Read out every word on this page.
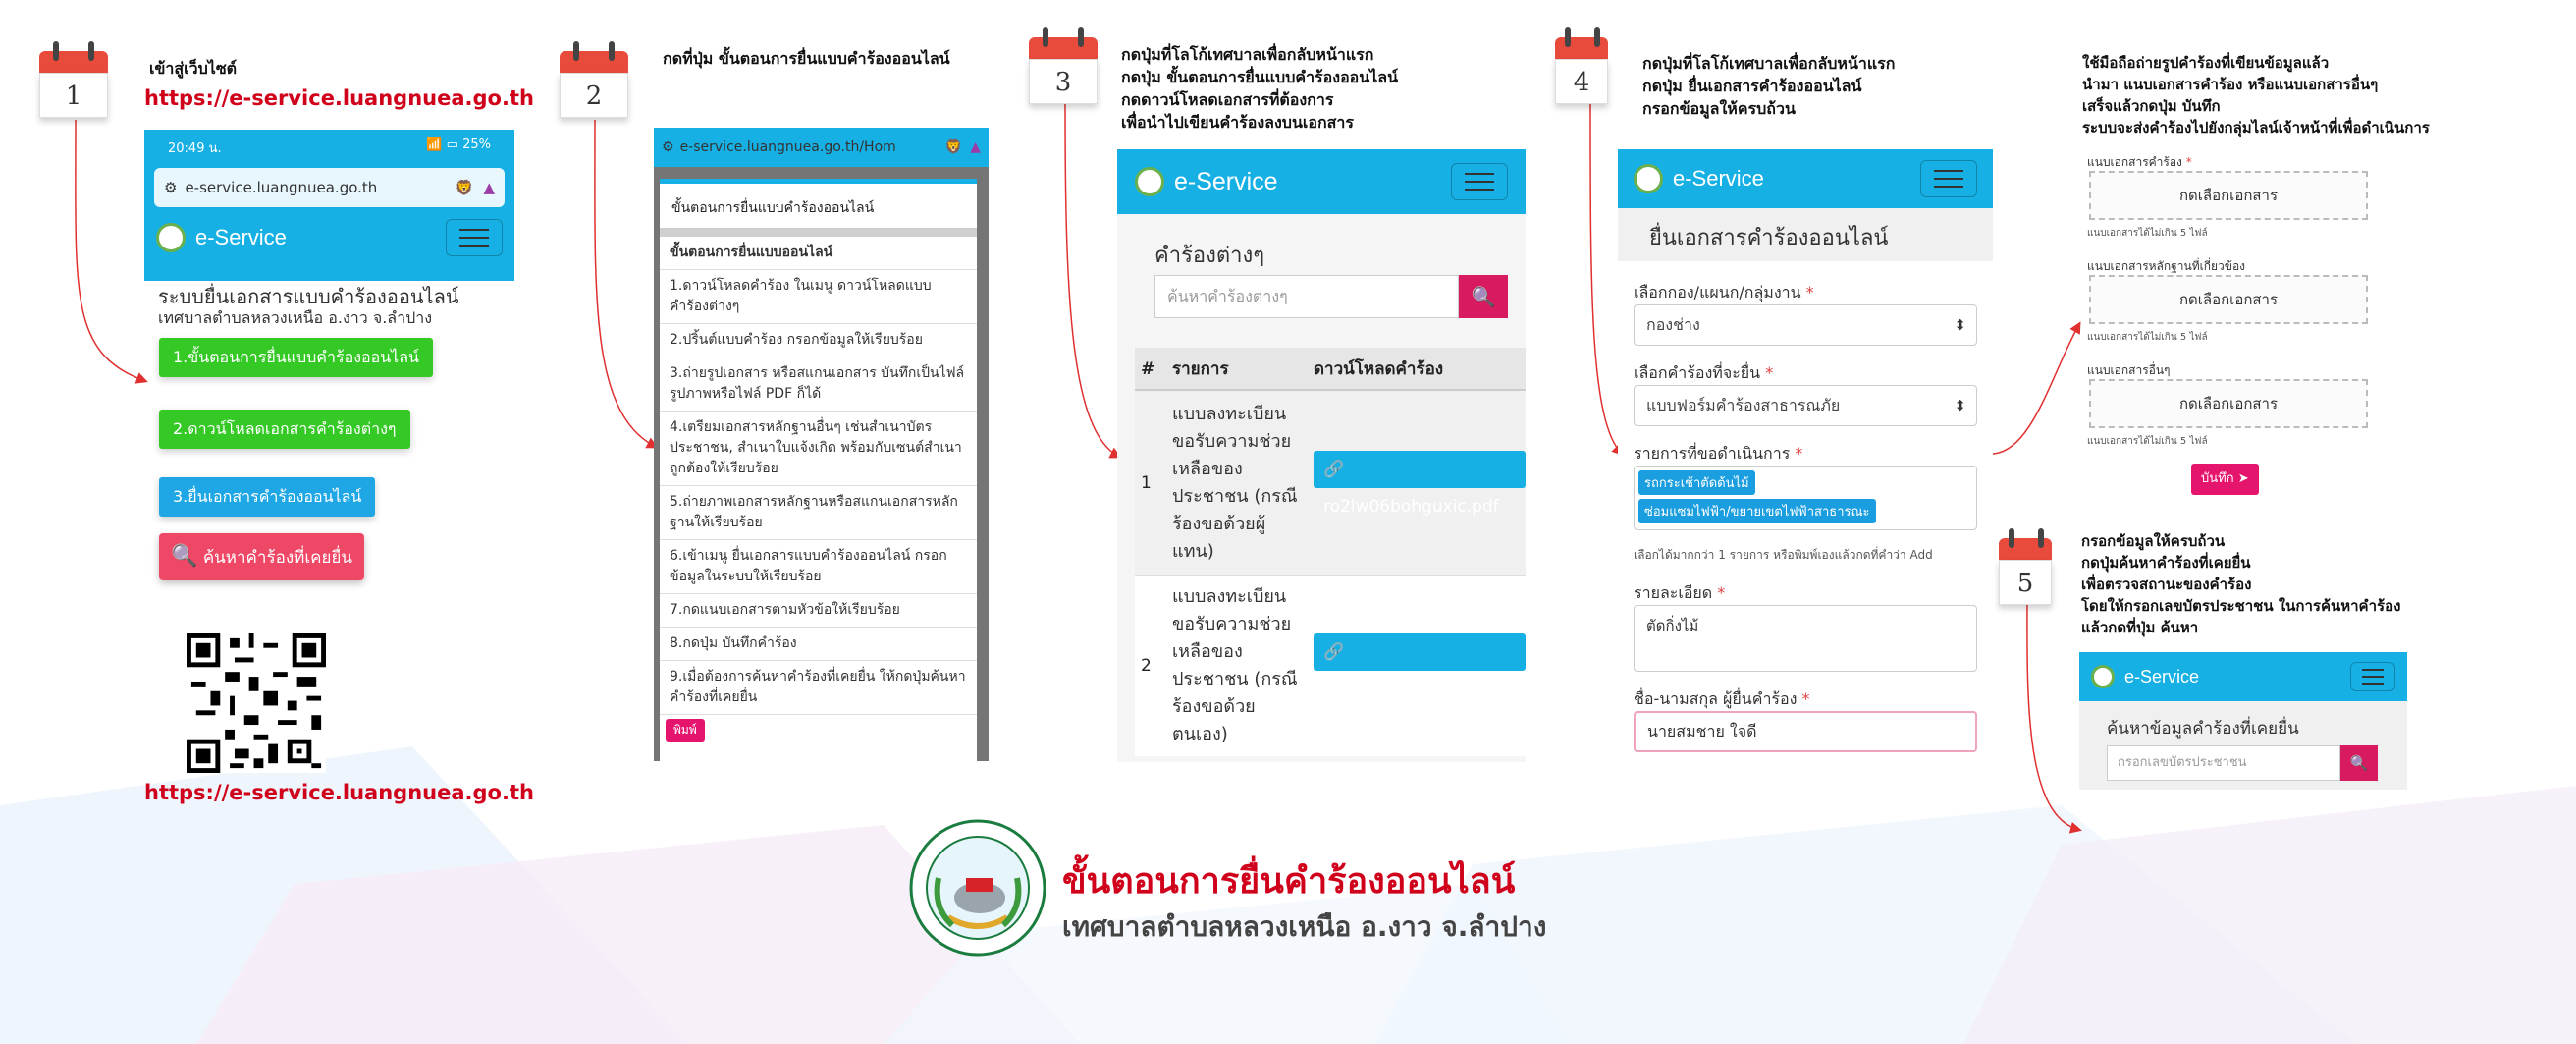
1
เข้าสู่เว็บไซต์
https://e-service.luangnuea.go.th
20:49 น.	📶 ▭ 25%
⚙ e-service.luangnuea.go.th	🦁 ▲
e-Service
ระบบยื่นเอกสารแบบคำร้องออนไลน์
เทศบาลตำบลหลวงเหนือ อ.งาว จ.ลำปาง
1.ขั้นตอนการยื่นแบบคำร้องออนไลน์
2.ดาวน์โหลดเอกสารคำร้องต่างๆ
3.ยื่นเอกสารคำร้องออนไลน์
🔍 ค้นหาคำร้องที่เคยยื่น
https://e-service.luangnuea.go.th
2
กดที่ปุ่ม ขั้นตอนการยื่นแบบคำร้องออนไลน์
⚙ e-service.luangnuea.go.th/Hom	🦁 ▲
ขั้นตอนการยื่นแบบคำร้องออนไลน์
ขั้นตอนการยื่นแบบออนไลน์
1.ดาวน์โหลดคำร้อง ในเมนู ดาวน์โหลดแบบคำร้องต่างๆ
2.ปริ้นต์แบบคำร้อง กรอกข้อมูลให้เรียบร้อย
3.ถ่ายรูปเอกสาร หรือสแกนเอกสาร บันทึกเป็นไฟล์รูปภาพหรือไฟล์ PDF ก็ได้
4.เตรียมเอกสารหลักฐานอื่นๆ เช่นสำเนาบัตรประชาชน, สำเนาใบแจ้งเกิด พร้อมกับเซนต์สำเนาถูกต้องให้เรียบร้อย
5.ถ่ายภาพเอกสารหลักฐานหรือสแกนเอกสารหลักฐานให้เรียบร้อย
6.เข้าเมนู ยื่นเอกสารแบบคำร้องออนไลน์ กรอกข้อมูลในระบบให้เรียบร้อย
7.กดแนบเอกสารตามหัวข้อให้เรียบร้อย
8.กดปุ่ม บันทึกคำร้อง
9.เมื่อต้องการค้นหาคำร้องที่เคยยื่น ให้กดปุ่มค้นหาคำร้องที่เคยยื่น
พิมพ์
3
กดปุ่มที่โลโก้เทศบาลเพื่อกลับหน้าแรก
กดปุ่ม ขั้นตอนการยื่นแบบคำร้องออนไลน์
กดดาวน์โหลดเอกสารที่ต้องการ
เพื่อนำไปเขียนคำร้องลงบนเอกสาร
e-Service
คำร้องต่างๆ
ค้นหาคำร้องต่างๆ	🔍
#	รายการ	ดาวน์โหลดคำร้อง
1
แบบลงทะเบียนขอรับความช่วยเหลือของประชาชน (กรณีร้องขอด้วยผู้แทน)
🔗 ro2lw06bohguxic.pdf
2
แบบลงทะเบียนขอรับความช่วยเหลือของประชาชน (กรณีร้องขอด้วยตนเอง)
🔗 jpy36u0mbl1qxf7.pdf
4
กดปุ่มที่โลโก้เทศบาลเพื่อกลับหน้าแรก
กดปุ่ม ยื่นเอกสารคำร้องออนไลน์
กรอกข้อมูลให้ครบถ้วน
e-Service
ยื่นเอกสารคำร้องออนไลน์
เลือกกอง/แผนก/กลุ่มงาน *
กองช่าง ⬍
เลือกคำร้องที่จะยื่น *
แบบฟอร์มคำร้องสาธารณภัย ⬍
รายการที่ขอดำเนินการ *
รถกระเช้าตัดต้นไม้
ซ่อมแซมไฟฟ้า/ขยายเขตไฟฟ้าสาธารณะ
เลือกได้มากกว่า 1 รายการ หรือพิมพ์เองแล้วกดที่คำว่า Add
รายละเอียด *
ตัดกิ่งไม้
ชื่อ-นามสกุล ผู้ยื่นคำร้อง *
นายสมชาย ใจดี
ใช้มือถือถ่ายรูปคำร้องที่เขียนข้อมูลแล้ว
นำมา แนบเอกสารคำร้อง หรือแนบเอกสารอื่นๆ
เสร็จแล้วกดปุ่ม บันทึก
ระบบจะส่งคำร้องไปยังกลุ่มไลน์เจ้าหน้าที่เพื่อดำเนินการ
แนบเอกสารคำร้อง *
กดเลือกเอกสาร
แนบเอกสารได้ไม่เกิน 5 ไฟล์
แนบเอกสารหลักฐานที่เกี่ยวข้อง
กดเลือกเอกสาร
แนบเอกสารได้ไม่เกิน 5 ไฟล์
แนบเอกสารอื่นๆ
กดเลือกเอกสาร
แนบเอกสารได้ไม่เกิน 5 ไฟล์
บันทึก ➤
5
กรอกข้อมูลให้ครบถ้วน
กดปุ่มค้นหาคำร้องที่เคยยื่น
เพื่อตรวจสถานะของคำร้อง
โดยให้กรอกเลขบัตรประชาชน ในการค้นหาคำร้อง
แล้วกดที่ปุ่ม ค้นหา
e-Service
ค้นหาข้อมูลคำร้องที่เคยยื่น
กรอกเลขบัตรประชาชน	🔍
ขั้นตอนการยื่นคำร้องออนไลน์
เทศบาลตำบลหลวงเหนือ อ.งาว จ.ลำปาง
